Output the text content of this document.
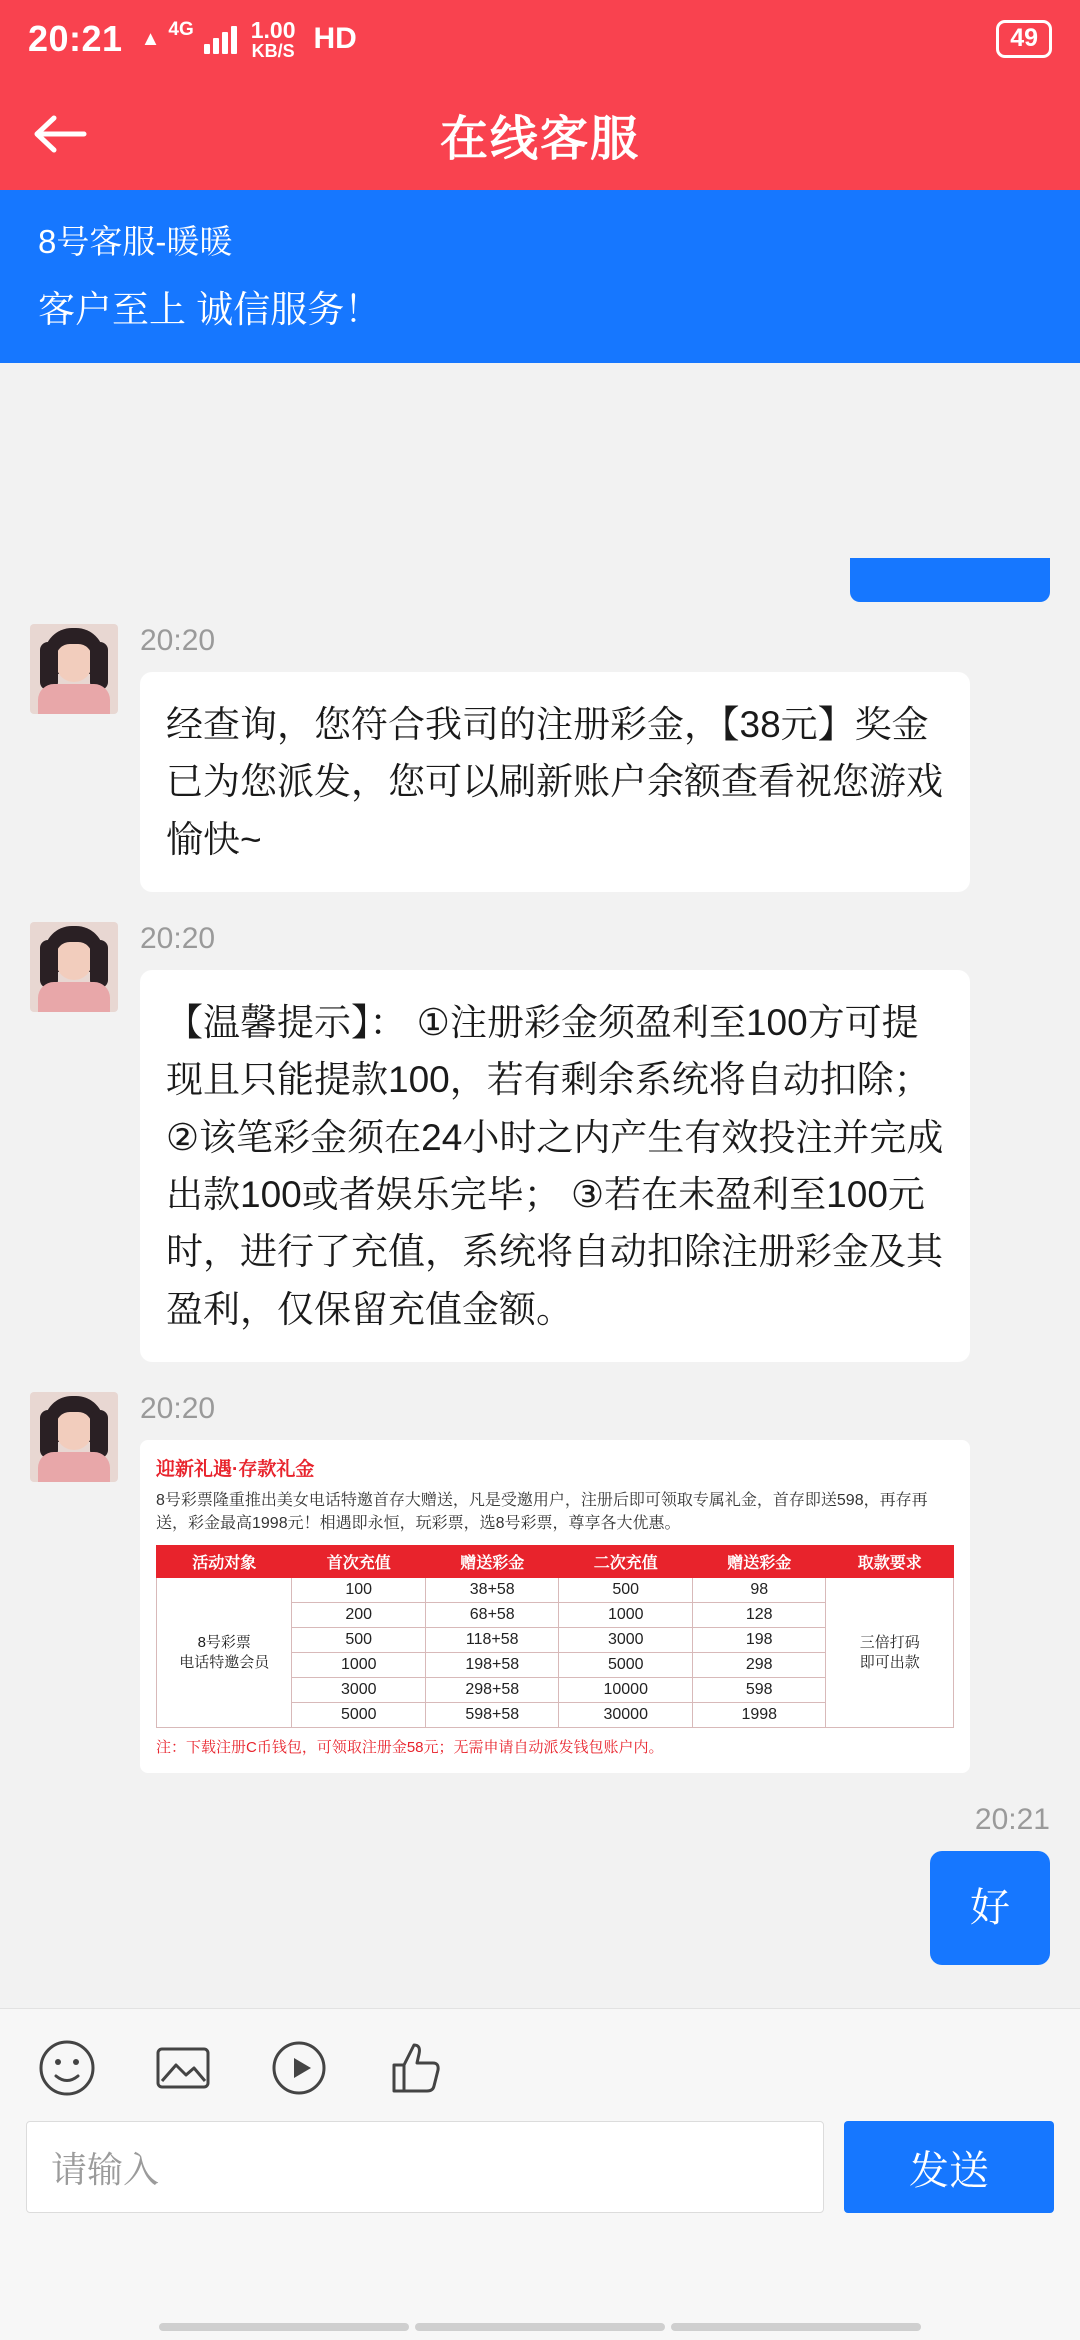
20:21 ▲ 4G 1.00
KB/S HD	49
在线客服
8号客服-暖暖
客户至上 诚信服务！
20:20
经查询，您符合我司的注册彩金，【38元】奖金已为您派发，您可以刷新账户余额查看祝您游戏愉快~
20:20
【温馨提示】： ①注册彩金须盈利至100方可提现且只能提款100，若有剩余系统将自动扣除； ②该笔彩金须在24小时之内产生有效投注并完成出款100或者娱乐完毕； ③若在未盈利至100元时，进行了充值，系统将自动扣除注册彩金及其盈利，仅保留充值金额。
20:20
迎新礼遇·存款礼金
8号彩票隆重推出美女电话特邀首存大赠送，凡是受邀用户，注册后即可领取专属礼金，首存即送598，再存再送，彩金最高1998元！相遇即永恒，玩彩票，选8号彩票，尊享各大优惠。
活动对象	首次充值	赠送彩金	二次充值	赠送彩金	取款要求
8号彩票
电话特邀会员	100	38+58	500	98	三倍打码
即可出款
	200	68+58	1000	128	
	500	118+58	3000	198	
	1000	198+58	5000	298	
	3000	298+58	10000	598	
	5000	598+58	30000	1998	
注：下载注册C币钱包，可领取注册金58元；无需申请自动派发钱包账户内。
20:21
好
请输入	发送
